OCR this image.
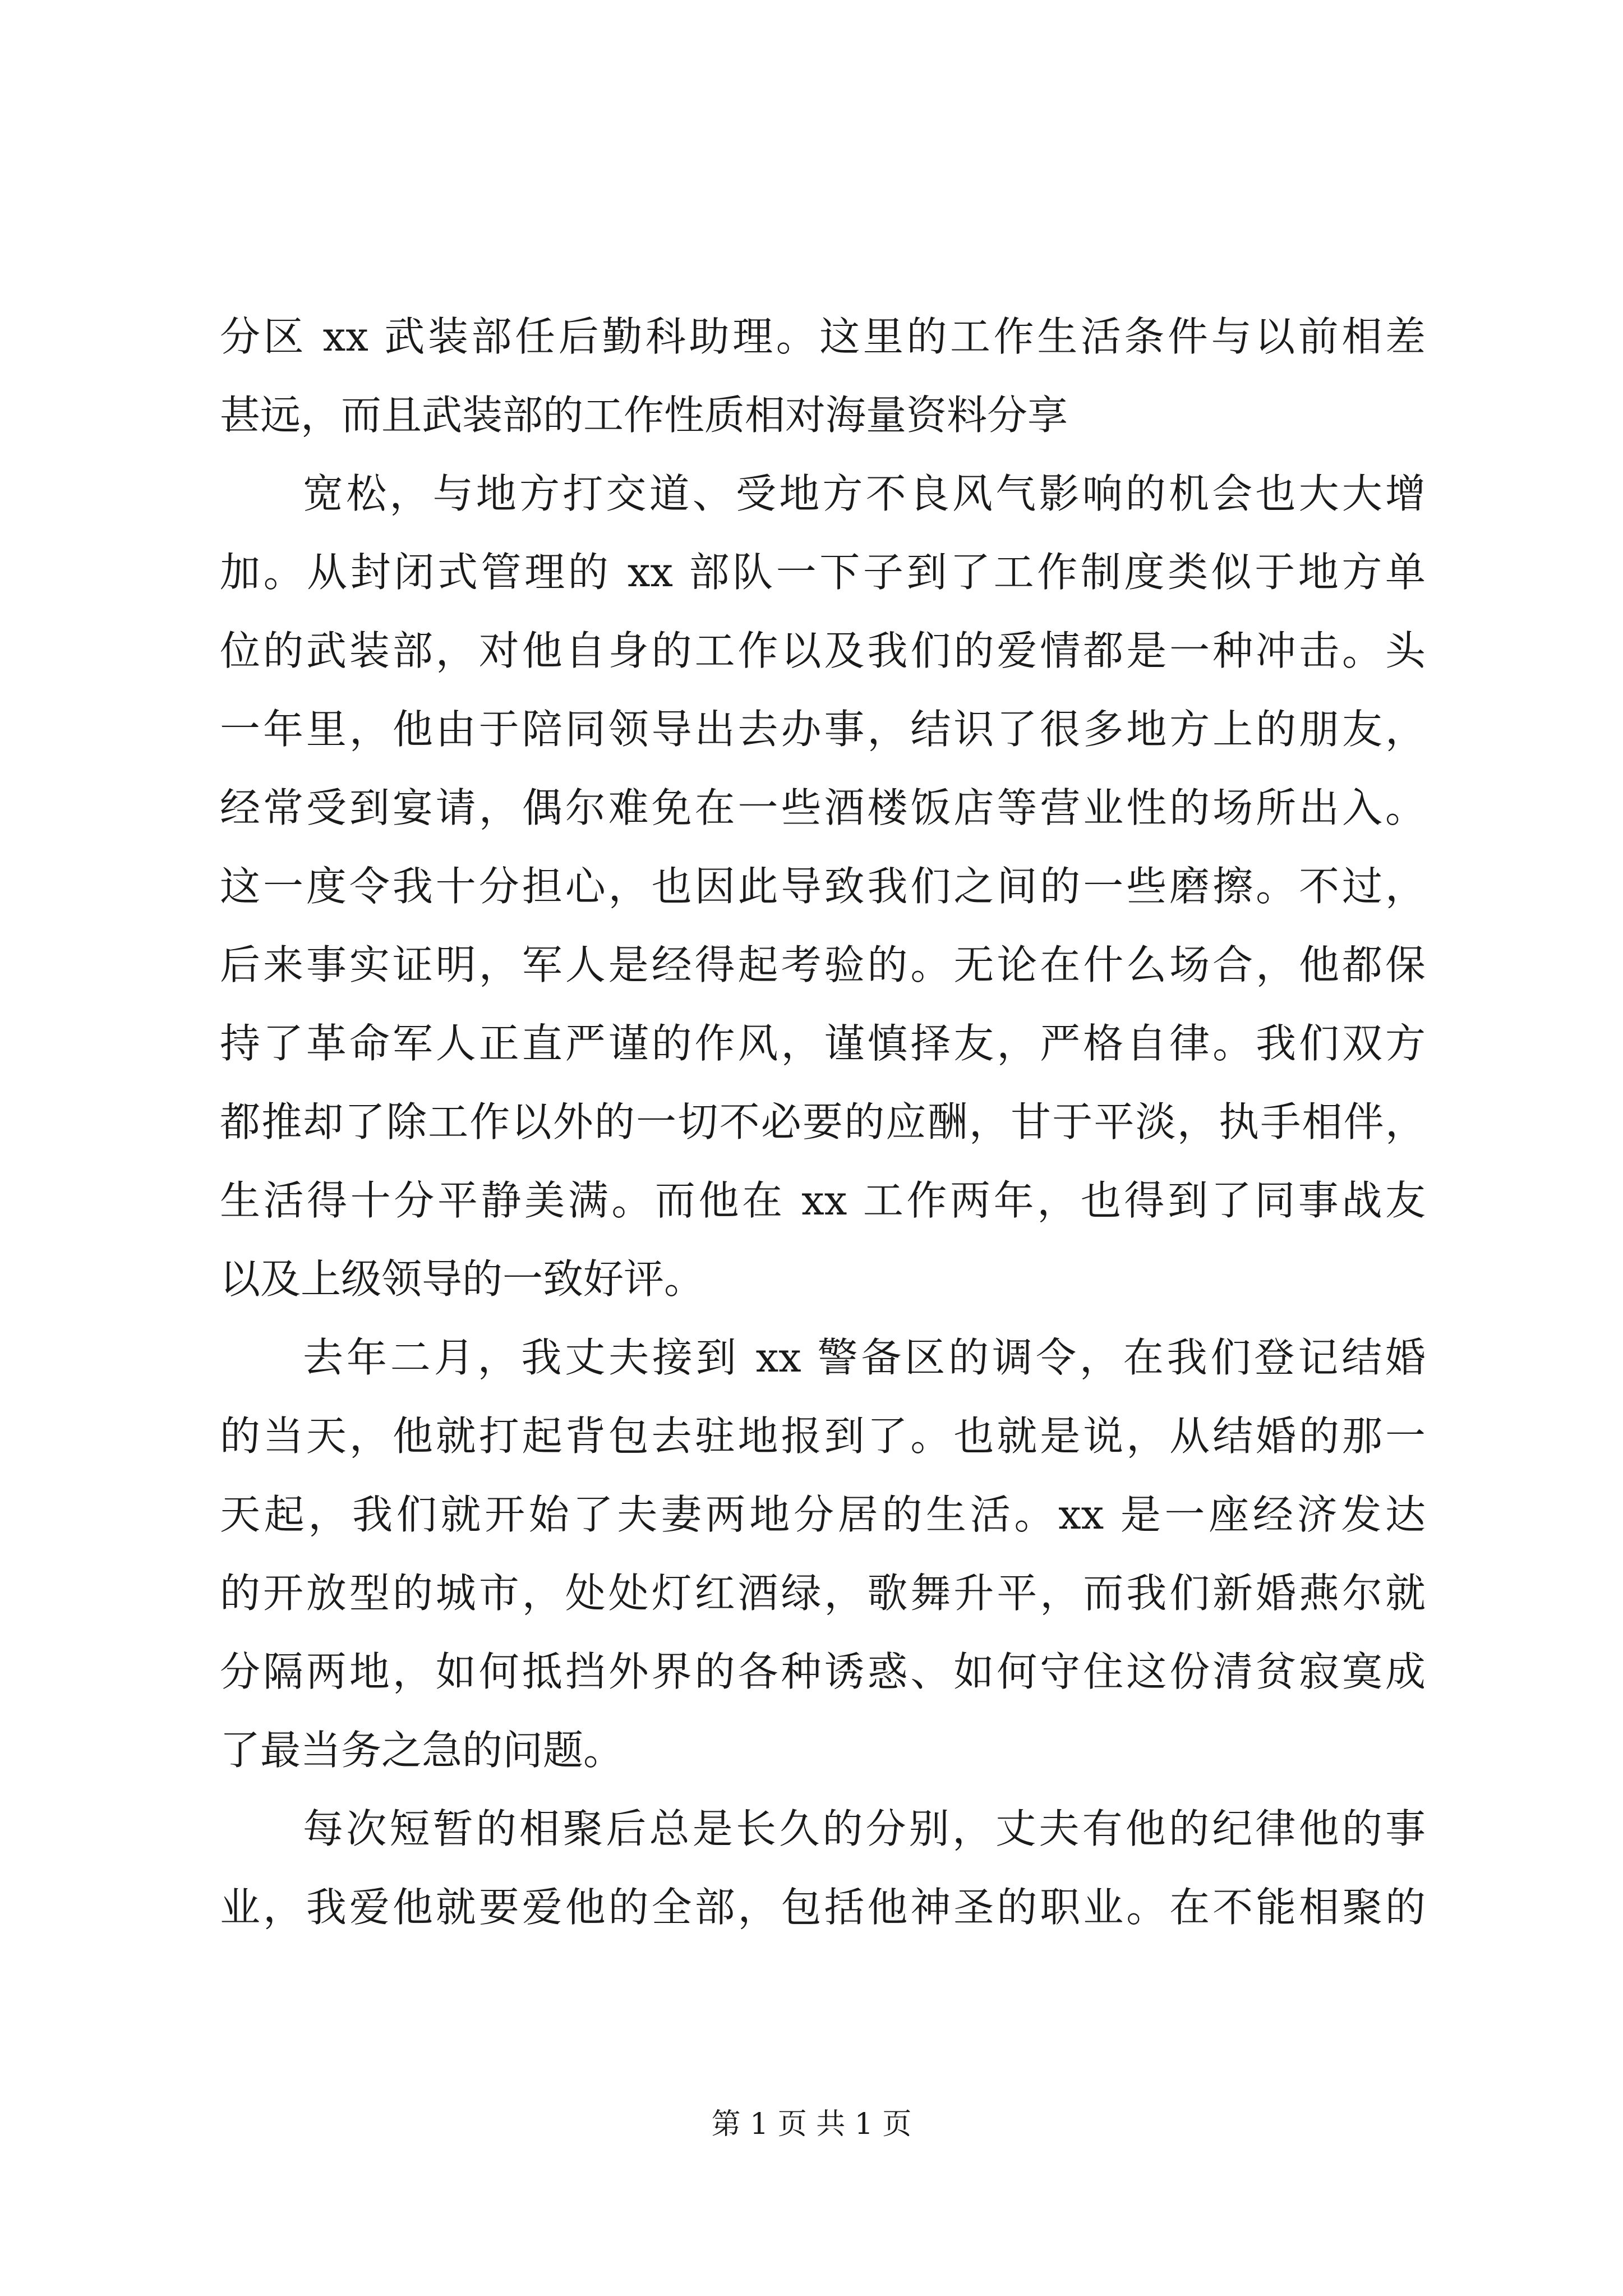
分区 xx 武装部任后勤科助理。这里的工作生活条件与以前相差
甚远，而且武装部的工作性质相对海量资料分享
宽松，与地方打交道、受地方不良风气影响的机会也大大增
加。从封闭式管理的 xx 部队一下子到了工作制度类似于地方单
位的武装部，对他自身的工作以及我们的爱情都是一种冲击。头
一年里，他由于陪同领导出去办事，结识了很多地方上的朋友，
经常受到宴请，偶尔难免在一些酒楼饭店等营业性的场所出入。
这一度令我十分担心，也因此导致我们之间的一些磨擦。不过，
后来事实证明，军人是经得起考验的。无论在什么场合，他都保
持了革命军人正直严谨的作风，谨慎择友，严格自律。我们双方
都推却了除工作以外的一切不必要的应酬，甘于平淡，执手相伴，
生活得十分平静美满。而他在 xx 工作两年，也得到了同事战友
以及上级领导的一致好评。
去年二月，我丈夫接到 xx 警备区的调令，在我们登记结婚
的当天，他就打起背包去驻地报到了。也就是说，从结婚的那一
天起，我们就开始了夫妻两地分居的生活。xx 是一座经济发达
的开放型的城市，处处灯红酒绿，歌舞升平，而我们新婚燕尔就
分隔两地，如何抵挡外界的各种诱惑、如何守住这份清贫寂寞成
了最当务之急的问题。
每次短暂的相聚后总是长久的分别，丈夫有他的纪律他的事
业，我爱他就要爱他的全部，包括他神圣的职业。在不能相聚的
第 1 页 共 1 页
